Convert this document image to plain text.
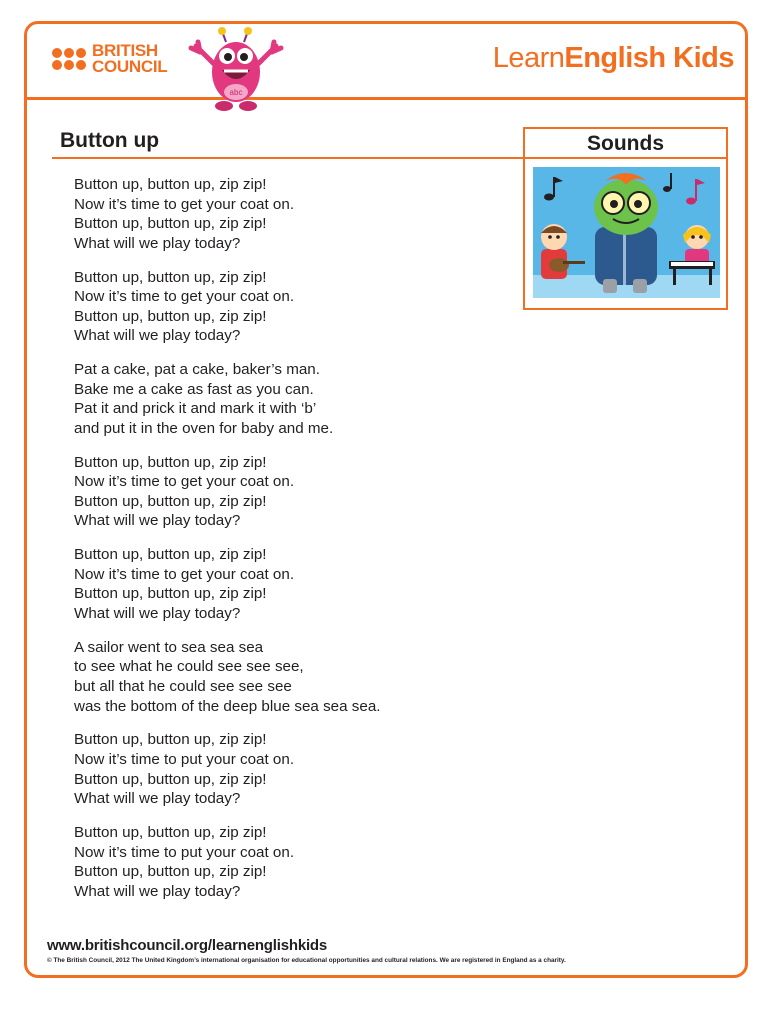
BRITISH
COUNCIL
abc
LearnEnglish Kids
Button up	Sounds
Button up, button up, zip zip!
Now it’s time to get your coat on.
Button up, button up, zip zip!
What will we play today?
Button up, button up, zip zip!
Now it’s time to get your coat on.
Button up, button up, zip zip!
What will we play today?
Pat a cake, pat a cake, baker’s man.
Bake me a cake as fast as you can.
Pat it and prick it and mark it with ‘b’
and put it in the oven for baby and me.
Button up, button up, zip zip!
Now it’s time to get your coat on.
Button up, button up, zip zip!
What will we play today?
Button up, button up, zip zip!
Now it’s time to get your coat on.
Button up, button up, zip zip!
What will we play today?
A sailor went to sea sea sea
to see what he could see see see,
but all that he could see see see
was the bottom of the deep blue sea sea sea.
Button up, button up, zip zip!
Now it’s time to put your coat on.
Button up, button up, zip zip!
What will we play today?
Button up, button up, zip zip!
Now it’s time to put your coat on.
Button up, button up, zip zip!
What will we play today?
www.britishcouncil.org/learnenglishkids
© The British Council, 2012 The United Kingdom’s international organisation for educational opportunities and cultural relations. We are registered in England as a charity.
